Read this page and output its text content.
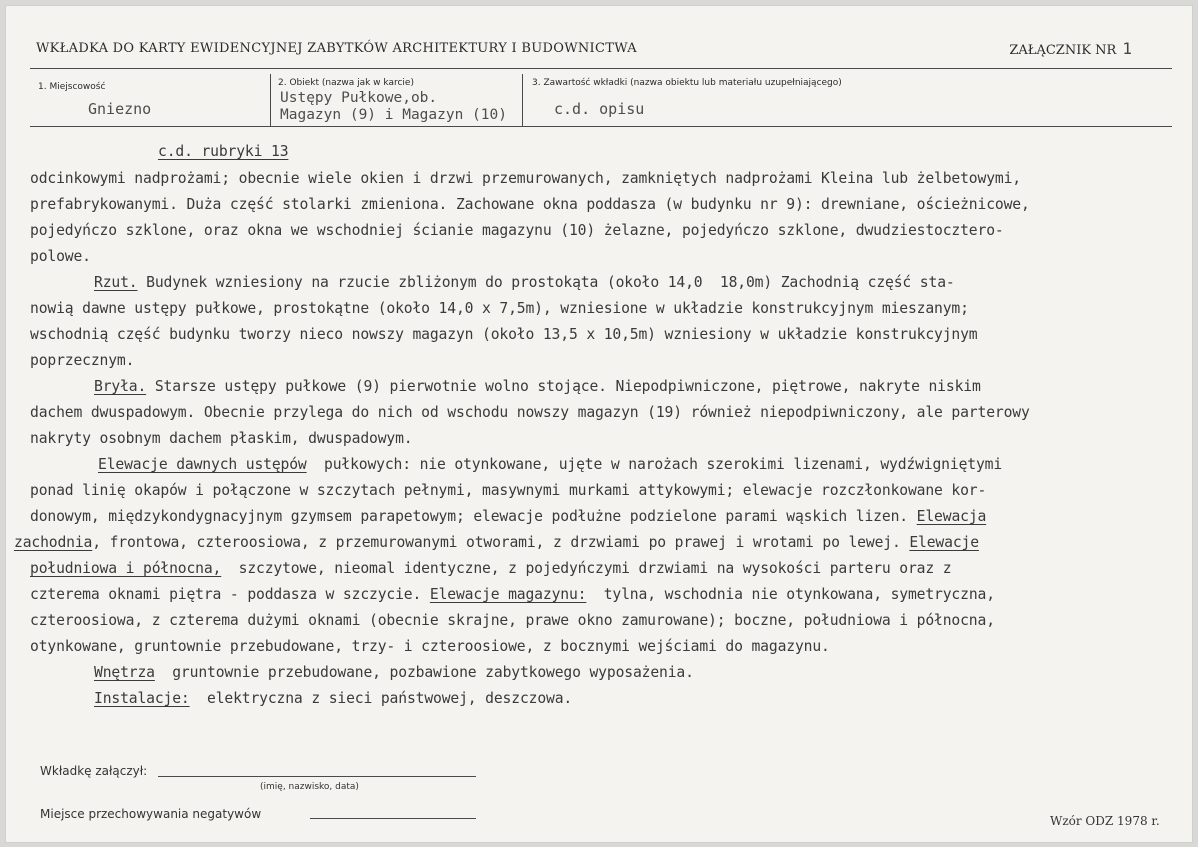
WKŁADKA DO KARTY EWIDENCYJNEJ ZABYTKÓW ARCHITEKTURY I BUDOWNICTWA	ZAŁĄCZNIK NR 1
1. Miejscowość
Gniezno
2. Obiekt (nazwa jak w karcie)
Ustępy Pułkowe,ob.
Magazyn (9) i Magazyn (10)
3. Zawartość wkładki (nazwa obiektu lub materiału uzupełniającego)
c.d. opisu
c.d. rubryki 13
odcinkowymi nadprożami; obecnie wiele okien i drzwi przemurowanych, zamkniętych nadprożami Kleina lub żelbetowymi,
prefabrykowanymi. Duża część stolarki zmieniona. Zachowane okna poddasza (w budynku nr 9): drewniane, ościeżnicowe,
pojedyńczo szklone, oraz okna we wschodniej ścianie magazynu (10) żelazne, pojedyńczo szklone, dwudziestocztero-
polowe.
Rzut. Budynek wzniesiony na rzucie zbliżonym do prostokąta (około 14,0  18,0m) Zachodnią część sta-
nowią dawne ustępy pułkowe, prostokątne (około 14,0 x 7,5m), wzniesione w układzie konstrukcyjnym mieszanym;
wschodnią część budynku tworzy nieco nowszy magazyn (około 13,5 x 10,5m) wzniesiony w układzie konstrukcyjnym
poprzecznym.
Bryła. Starsze ustępy pułkowe (9) pierwotnie wolno stojące. Niepodpiwniczone, piętrowe, nakryte niskim
dachem dwuspadowym. Obecnie przylega do nich od wschodu nowszy magazyn (19) również niepodpiwniczony, ale parterowy
nakryty osobnym dachem płaskim, dwuspadowym.
Elewacje dawnych ustępów  pułkowych: nie otynkowane, ujęte w narożach szerokimi lizenami, wydźwigniętymi
ponad linię okapów i połączone w szczytach pełnymi, masywnymi murkami attykowymi; elewacje rozczłonkowane kor-
donowym, międzykondygnacyjnym gzymsem parapetowym; elewacje podłużne podzielone parami wąskich lizen. Elewacja
zachodnia, frontowa, czteroosiowa, z przemurowanymi otworami, z drzwiami po prawej i wrotami po lewej. Elewacje
południowa i północna,  szczytowe, nieomal identyczne, z pojedyńczymi drzwiami na wysokości parteru oraz z
czterema oknami piętra - poddasza w szczycie. Elewacje magazynu:  tylna, wschodnia nie otynkowana, symetryczna,
czteroosiowa, z czterema dużymi oknami (obecnie skrajne, prawe okno zamurowane); boczne, południowa i północna,
otynkowane, gruntownie przebudowane, trzy- i czteroosiowe, z bocznymi wejściami do magazynu.
Wnętrza  gruntownie przebudowane, pozbawione zabytkowego wyposażenia.
Instalacje:  elektryczna z sieci państwowej, deszczowa.
Wkładkę załączył:
(imię, nazwisko, data)
Miejsce przechowywania negatywów	Wzór ODZ 1978 r.
